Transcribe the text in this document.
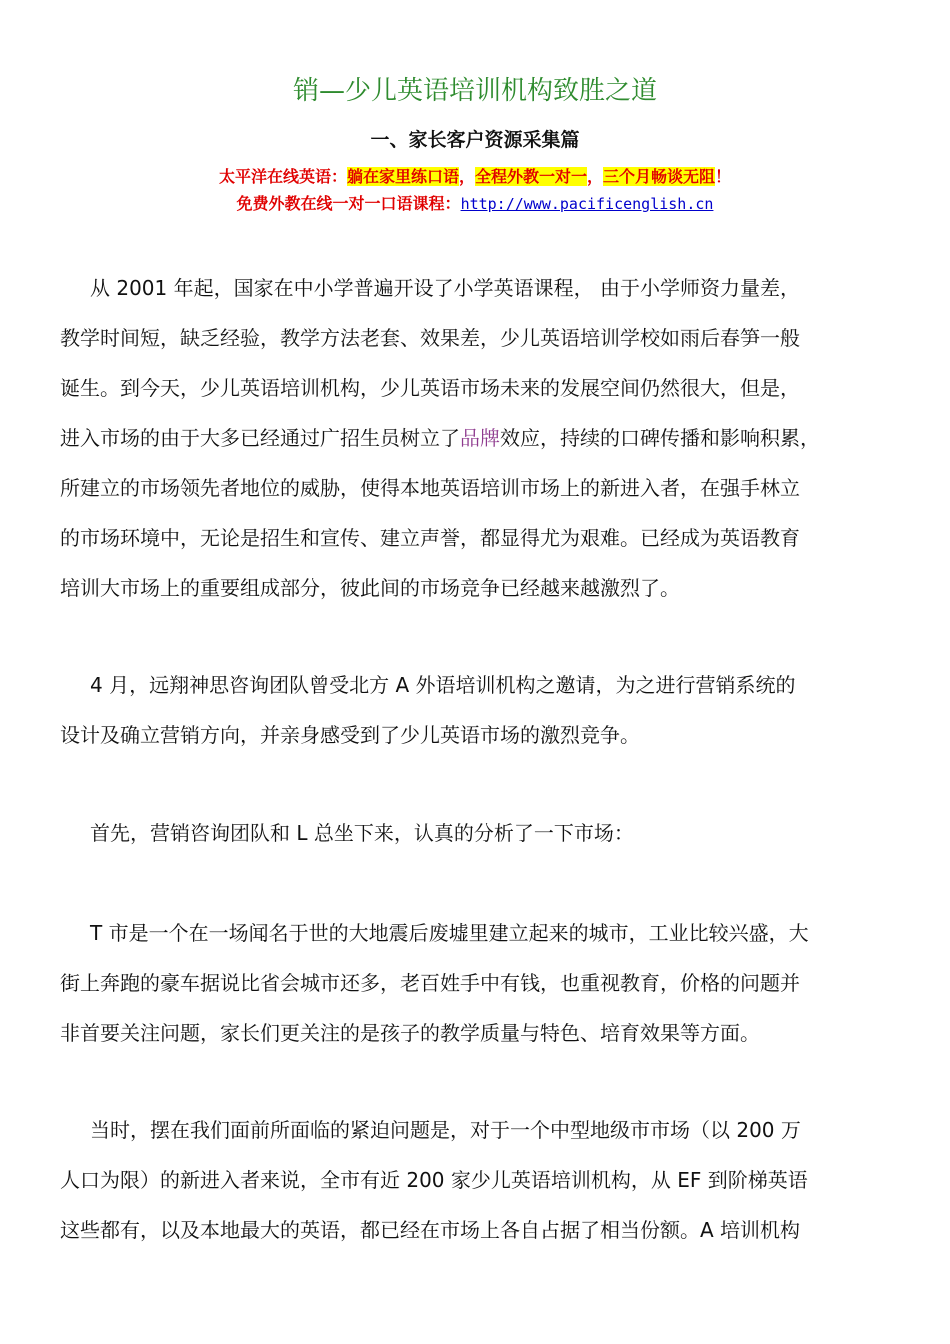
销—少儿英语培训机构致胜之道
一、家长客户资源采集篇
太平洋在线英语：躺在家里练口语，全程外教一对一，三个月畅谈无阻！
免费外教在线一对一口语课程：http://www.pacificenglish.cn
从 2001 年起，国家在中小学普遍开设了小学英语课程， 由于小学师资力量差，
教学时间短，缺乏经验，教学方法老套、效果差，少儿英语培训学校如雨后春笋一般
诞生。到今天，少儿英语培训机构，少儿英语市场未来的发展空间仍然很大，但是，
进入市场的由于大多已经通过广招生员树立了品牌效应，持续的口碑传播和影响积累，
所建立的市场领先者地位的威胁，使得本地英语培训市场上的新进入者，在强手林立
的市场环境中，无论是招生和宣传、建立声誉，都显得尤为艰难。已经成为英语教育
培训大市场上的重要组成部分，彼此间的市场竞争已经越来越激烈了。
4 月，远翔神思咨询团队曾受北方 A 外语培训机构之邀请，为之进行营销系统的
设计及确立营销方向，并亲身感受到了少儿英语市场的激烈竞争。
首先，营销咨询团队和 L 总坐下来，认真的分析了一下市场：
T 市是一个在一场闻名于世的大地震后废墟里建立起来的城市，工业比较兴盛，大
街上奔跑的豪车据说比省会城市还多，老百姓手中有钱，也重视教育，价格的问题并
非首要关注问题，家长们更关注的是孩子的教学质量与特色、培育效果等方面。
当时，摆在我们面前所面临的紧迫问题是，对于一个中型地级市市场（以 200 万
人口为限）的新进入者来说，全市有近 200 家少儿英语培训机构，从 EF 到阶梯英语
这些都有，以及本地最大的英语，都已经在市场上各自占据了相当份额。A 培训机构
